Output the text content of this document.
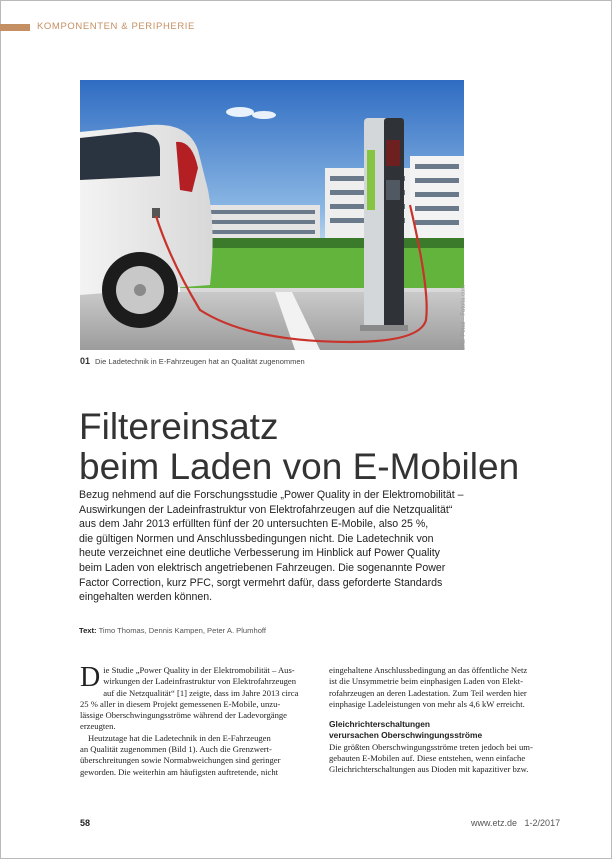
KOMPONENTEN & PERIPHERIE
Bild: Petair - Fotolia.com
01 Die Ladetechnik in E-Fahrzeugen hat an Qualität zugenommen
Filtereinsatz
beim Laden von E-Mobilen
Bezug nehmend auf die Forschungsstudie „Power Quality in der Elektromobilität –
Auswirkungen der Ladeinfrastruktur von Elektrofahrzeugen auf die Netzqualität“
aus dem Jahr 2013 erfüllten fünf der 20 untersuchten E-Mobile, also 25 %,
die gültigen Normen und Anschlussbedingungen nicht. Die Ladetechnik von
heute verzeichnet eine deutliche Verbesserung im Hinblick auf Power Quality
beim Laden von elektrisch angetriebenen Fahrzeugen. Die sogenannte Power
Factor Correction, kurz PFC, sorgt vermehrt dafür, dass geforderte Standards
eingehalten werden können.
Text: Timo Thomas, Dennis Kampen, Peter A. Plumhoff
D ie Studie „Power Quality in der Elektromobilität – Aus-
wirkungen der Ladeinfrastruktur von Elektrofahrzeugen
auf die Netzqualität“ [1] zeigte, dass im Jahre 2013 circa
25 % aller in diesem Projekt gemessenen E-Mobile, unzu-
lässige Oberschwingungsströme während der Ladevorgänge
erzeugten.
Heutzutage hat die Ladetechnik in den E-Fahrzeugen
an Qualität zugenommen (Bild 1). Auch die Grenzwert-
überschreitungen sowie Normabweichungen sind geringer
geworden. Die weiterhin am häufigsten auftretende, nicht
eingehaltene Anschlussbedingung an das öffentliche Netz
ist die Unsymmetrie beim einphasigen Laden von Elekt-
rofahrzeugen an deren Ladestation. Zum Teil werden hier
einphasige Ladeleistungen von mehr als 4,6 kW erreicht.
Gleichrichterschaltungen
verursachen Oberschwingungsströme
Die größten Oberschwingungsströme treten jedoch bei um-
gebauten E-Mobilen auf. Diese entstehen, wenn einfache
Gleichrichterschaltungen aus Dioden mit kapazitiver bzw.
58	www.etz.de 1-2/2017
